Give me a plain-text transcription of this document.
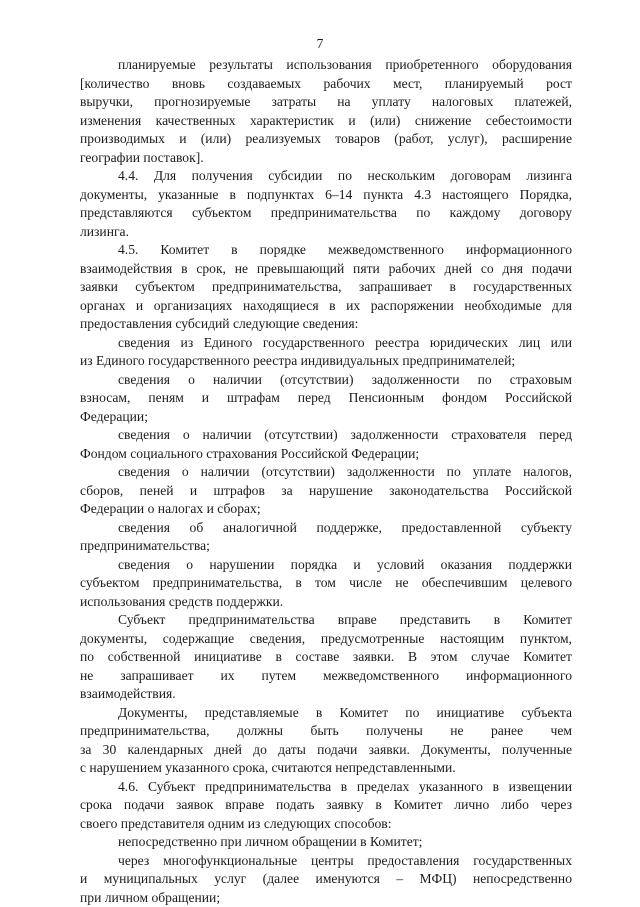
7
планируемые результаты использования приобретенного оборудования
[количество вновь создаваемых рабочих мест, планируемый рост
выручки, прогнозируемые затраты на уплату налоговых платежей,
изменения качественных характеристик и (или) снижение себестоимости
производимых и (или) реализуемых товаров (работ, услуг), расширение
географии поставок].
4.4. Для получения субсидии по нескольким договорам лизинга
документы, указанные в подпунктах 6–14 пункта 4.3 настоящего Порядка,
представляются субъектом предпринимательства по каждому договору
лизинга.
4.5. Комитет в порядке межведомственного информационного
взаимодействия в срок, не превышающий пяти рабочих дней со дня подачи
заявки субъектом предпринимательства, запрашивает в государственных
органах и организациях находящиеся в их распоряжении необходимые для
предоставления субсидий следующие сведения:
сведения из Единого государственного реестра юридических лиц или
из Единого государственного реестра индивидуальных предпринимателей;
сведения о наличии (отсутствии) задолженности по страховым
взносам, пеням и штрафам перед Пенсионным фондом Российской
Федерации;
сведения о наличии (отсутствии) задолженности страхователя перед
Фондом социального страхования Российской Федерации;
сведения о наличии (отсутствии) задолженности по уплате налогов,
сборов, пеней и штрафов за нарушение законодательства Российской
Федерации о налогах и сборах;
сведения об аналогичной поддержке, предоставленной субъекту
предпринимательства;
сведения о нарушении порядка и условий оказания поддержки
субъектом предпринимательства, в том числе не обеспечившим целевого
использования средств поддержки.
Субъект предпринимательства вправе представить в Комитет
документы, содержащие сведения, предусмотренные настоящим пунктом,
по собственной инициативе в составе заявки. В этом случае Комитет
не запрашивает их путем межведомственного информационного
взаимодействия.
Документы, представляемые в Комитет по инициативе субъекта
предпринимательства, должны быть получены не ранее чем
за 30 календарных дней до даты подачи заявки. Документы, полученные
с нарушением указанного срока, считаются непредставленными.
4.6. Субъект предпринимательства в пределах указанного в извещении
срока подачи заявок вправе подать заявку в Комитет лично либо через
своего представителя одним из следующих способов:
непосредственно при личном обращении в Комитет;
через многофункциональные центры предоставления государственных
и муниципальных услуг (далее именуются – МФЦ) непосредственно
при личном обращении;
